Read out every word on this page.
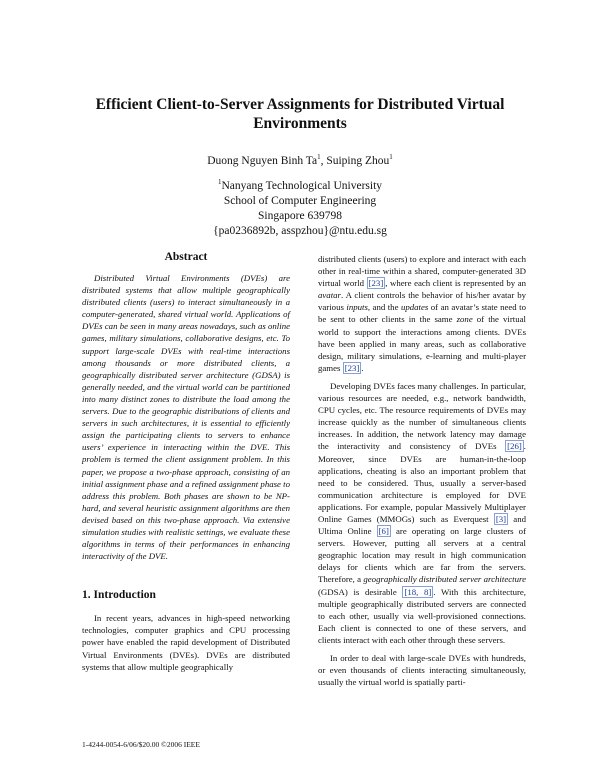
Efficient Client-to-Server Assignments for Distributed Virtual Environments
Duong Nguyen Binh Ta$^1$, Suiping Zhou$^1$
$^1$Nanyang Technological University
School of Computer Engineering
Singapore 639798
{pa0236892b, asspzhou}@ntu.edu.sg
Abstract

Distributed Virtual Environments (DVEs) are distributed systems that allow multiple geographically distributed clients (users) to interact simultaneously in a computer-generated, shared virtual world. Applications of DVEs can be seen in many areas nowadays, such as online games, military simulations, collaborative designs, etc. To support large-scale DVEs with real-time interactions among thousands or more distributed clients, a geographically distributed server architecture (GDSA) is generally needed, and the virtual world can be partitioned into many distinct zones to distribute the load among the servers. Due to the geographic distributions of clients and servers in such architectures, it is essential to efficiently assign the participating clients to servers to enhance users’ experience in interacting within the DVE. This problem is termed the client assignment problem. In this paper, we propose a two-phase approach, consisting of an initial assignment phase and a refined assignment phase to address this problem. Both phases are shown to be NP-hard, and several heuristic assignment algorithms are then devised based on this two-phase approach. Via extensive simulation studies with realistic settings, we evaluate these algorithms in terms of their performances in enhancing interactivity of the DVE.

1. Introduction

In recent years, advances in high-speed networking technologies, computer graphics and CPU processing power have enabled the rapid development of Distributed Virtual Environments (DVEs). DVEs are distributed systems that allow multiple geographically

distributed clients (users) to explore and interact with each other in real-time within a shared, computer-generated 3D virtual world [23] , where each client is represented by an avatar. A client controls the behavior of his/her avatar by various inputs, and the updates of an avatar’s state need to be sent to other clients in the same zone of the virtual world to support the interactions among clients. DVEs have been applied in many areas, such as collaborative design, military simulations, e-learning and multi-player games [23] .

Developing DVEs faces many challenges. In particular, various resources are needed, e.g., network bandwidth, CPU cycles, etc. The resource requirements of DVEs may increase quickly as the number of simultaneous clients increases. In addition, the network latency may damage the interactivity and consistency of DVEs [26] . Moreover, since DVEs are human-in-the-loop applications, cheating is also an important problem that need to be considered. Thus, usually a server-based communication architecture is employed for DVE applications. For example, popular Massively Multiplayer Online Games (MMOGs) such as Everquest [3] and Ultima Online [6] are operating on large clusters of servers. However, putting all servers at a central geographic location may result in high communication delays for clients which are far from the servers. Therefore, a geographically distributed server architecture (GDSA) is desirable [18, 8] . With this architecture, multiple geographically distributed servers are connected to each other, usually via well-provisioned connections. Each client is connected to one of these servers, and clients interact with each other through these servers.

In order to deal with large-scale DVEs with hundreds, or even thousands of clients interacting simultaneously, usually the virtual world is spatially parti-

1-4244-0054-6/06/$20.00 ©2006 IEEE
